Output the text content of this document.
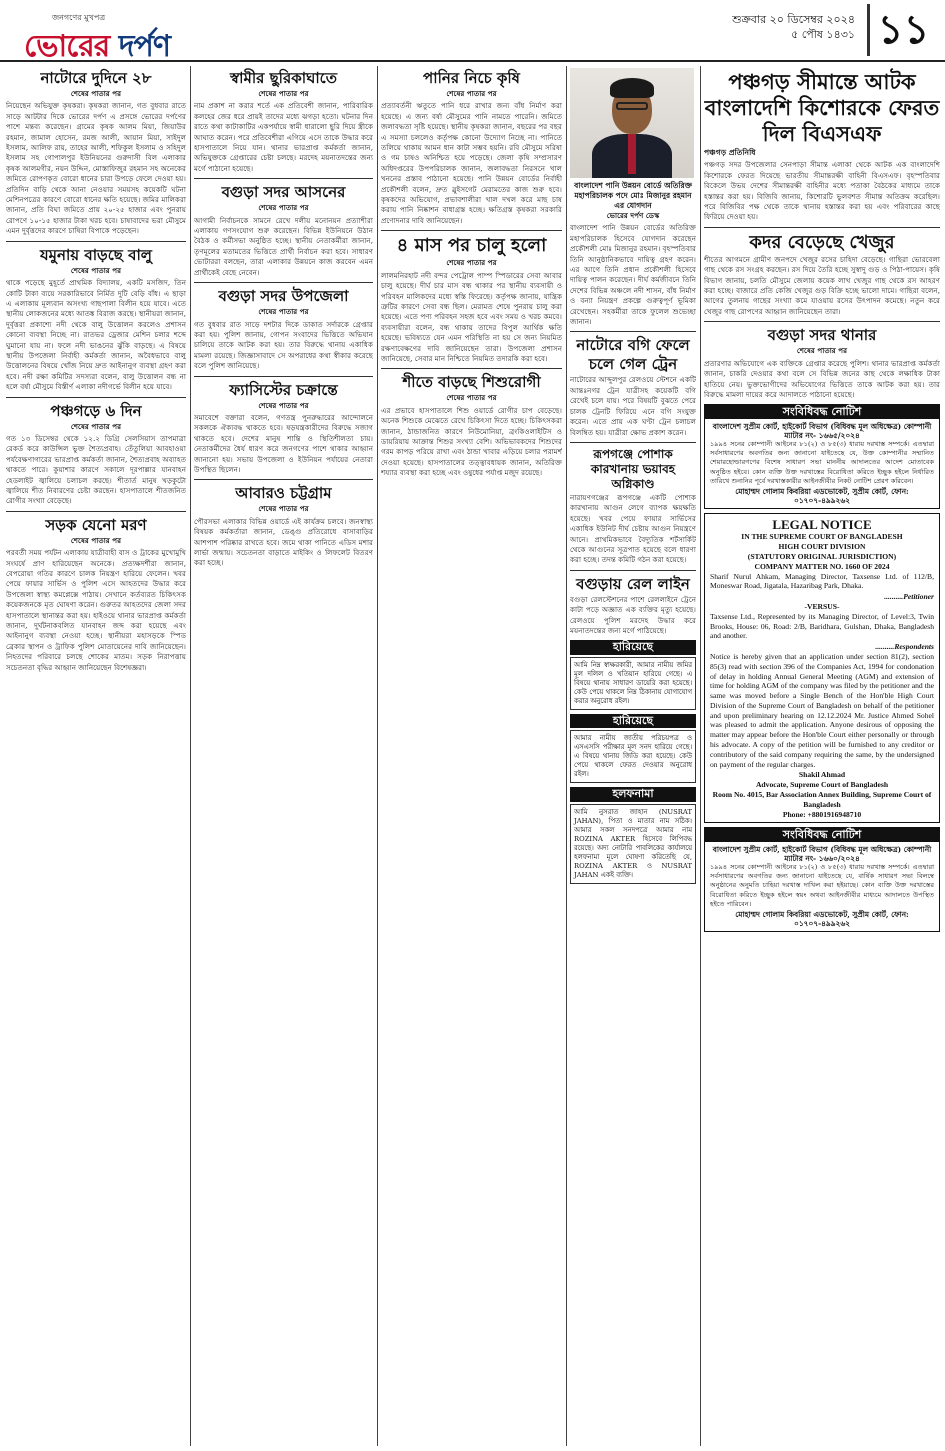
জনগণের মুখপত্র
ভোরের দর্পণ
শুক্রবার ২০ ডিসেম্বর ২০২৪
৫ পৌষ ১৪৩১ ১১
নাটোরে দুদিনে ২৮
শেষের পাতার পর

নিয়েছেন অভিযুক্ত কৃষকরা। কৃষকরা জানান, গত বুধবার রাতে সাড়ে আটটার দিকে ভোরের দর্পণ এ প্রসঙ্গে ভোরের দর্পণের পাশে মন্তব্য করেছেন। গ্রামের কৃষক আলম মিয়া, জিয়াউর রহমান, জামাল হোসেন, রমজ আলী, আয়ান মিয়া, সাইদুল ইসলাম, আলিফ রায়, তাহের আলী, শফিকুল ইসলাম ও সহিদুল ইসলাম সহ গোপালপুর ইউনিয়নের গুরুদাসী বিল এলাকার কৃষক আলমগীর, নয়ন উদ্দিন, মোস্তাফিজুর রহমান সহ অনেকের জমিতে রোপণকৃত বোরো ধানের চারা উপড়ে ফেলে দেওয়া হয়। প্রতিদিন বাড়ি থেকে আনা নেওয়ার সময়সহ কয়েকটি ঘটনা মেশিনপত্রের কারণে বোরো ধানের ক্ষতি হয়েছে। জমির মালিকরা জানান, প্রতি বিঘা জমিতে প্রায় ২০-২৫ হাজার এবং পুনরায় রোপণে ১০-১৫ হাজার টাকা খরচ হবে। চাষাবাদের ভরা মৌসুমে এমন দুর্বৃত্তদের কারণে চাষিরা বিপাকে পড়েছেন।

যমুনায় বাড়ছে বালু
শেষের পাতার পর

থাকে পড়েছে মুহূর্তে প্রাথমিক বিদ্যালয়, একটি মসজিদ, তিন কোটি টাকা ব্যয়ে সরকারিভাবে নির্মিত দুটি বেড়ি বাঁধ। এ ছাড়া এ এলাকায় মূল্যবান অসংখ্য গাছপালা বিলীন হয়ে যাবে। এতে স্থানীয় লোকজনের মধ্যে আতঙ্ক বিরাজ করছে। স্থানীয়রা জানান, দুর্বৃত্তরা প্রকাশ্যে নদী থেকে বালু উত্তোলন করলেও প্রশাসন কোনো ব্যবস্থা নিচ্ছে না। রাতভর ড্রেজার মেশিন চলার শব্দে ঘুমানো যায় না। ফলে নদী ভাঙনের ঝুঁকি বাড়ছে। এ বিষয়ে স্থানীয় উপজেলা নির্বাহী কর্মকর্তা জানান, অবৈধভাবে বালু উত্তোলনের বিষয়ে খোঁজ নিয়ে দ্রুত আইনানুগ ব্যবস্থা গ্রহণ করা হবে। নদী রক্ষা কমিটির সদস্যরা বলেন, বালু উত্তোলন বন্ধ না হলে বর্ষা মৌসুমে বিস্তীর্ণ এলাকা নদীগর্ভে বিলীন হয়ে যাবে।

পঞ্চগড়ে ৬ দিন
শেষের পাতার পর

গত ১৩ ডিসেম্বর থেকে ১২.২ ডিগ্রি সেলসিয়াস তাপমাত্রা রেকর্ড করে কাউন্সিল ভুক্ত শৈত্যপ্রবাহ। তেঁতুলিয়া আবহাওয়া পর্যবেক্ষণাগারের ভারপ্রাপ্ত কর্মকর্তা জানান, শৈত্যপ্রবাহ অব্যাহত থাকতে পারে। কুয়াশার কারণে সকালে দূরপাল্লার যানবাহন হেডলাইট জ্বালিয়ে চলাচল করছে। শীতার্ত মানুষ খড়কুটো জ্বালিয়ে শীত নিবারণের চেষ্টা করছেন। হাসপাতালে শীতজনিত রোগীর সংখ্যা বেড়েছে।

সড়ক যেনো মরণ
শেষের পাতার পর

পরবর্তী সময় পর্যটন এলাকায় যাত্রীবাহী বাস ও ট্রাকের মুখোমুখি সংঘর্ষে প্রাণ হারিয়েছেন অনেকে। প্রত্যক্ষদর্শীরা জানান, বেপরোয়া গতির কারণে চালক নিয়ন্ত্রণ হারিয়ে ফেলেন। খবর পেয়ে ফায়ার সার্ভিস ও পুলিশ এসে আহতদের উদ্ধার করে উপজেলা স্বাস্থ্য কমপ্লেক্সে পাঠায়। সেখানে কর্তব্যরত চিকিৎসক কয়েকজনকে মৃত ঘোষণা করেন। গুরুতর আহতদের জেলা সদর হাসপাতালে স্থানান্তর করা হয়। হাইওয়ে থানার ভারপ্রাপ্ত কর্মকর্তা জানান, দুর্ঘটনাকবলিত যানবাহন জব্দ করা হয়েছে এবং আইনানুগ ব্যবস্থা নেওয়া হচ্ছে। স্থানীয়রা মহাসড়কে স্পিড ব্রেকার স্থাপন ও ট্রাফিক পুলিশ মোতায়েনের দাবি জানিয়েছেন। নিহতদের পরিবারে চলছে শোকের মাতম। সড়ক নিরাপত্তায় সচেতনতা বৃদ্ধির আহ্বান জানিয়েছেন বিশেষজ্ঞরা।

স্বামীর ছুরিকাঘাতে
শেষের পাতার পর

নাম প্রকাশ না করার শর্তে এক প্রতিবেশী জানান, পারিবারিক কলহের জের ধরে প্রায়ই তাদের মধ্যে ঝগড়া হতো। ঘটনার দিন রাতে কথা কাটাকাটির একপর্যায়ে স্বামী ধারালো ছুরি দিয়ে স্ত্রীকে আঘাত করেন। পরে প্রতিবেশীরা এগিয়ে এসে তাকে উদ্ধার করে হাসপাতালে নিয়ে যান। থানার ভারপ্রাপ্ত কর্মকর্তা জানান, অভিযুক্তকে গ্রেপ্তারের চেষ্টা চলছে। মরদেহ ময়নাতদন্তের জন্য মর্গে পাঠানো হয়েছে।

বগুড়া সদর আসনের
শেষের পাতার পর

আগামী নির্বাচনকে সামনে রেখে দলীয় মনোনয়ন প্রত্যাশীরা এলাকায় গণসংযোগ শুরু করেছেন। বিভিন্ন ইউনিয়নে উঠান বৈঠক ও কর্মীসভা অনুষ্ঠিত হচ্ছে। স্থানীয় নেতাকর্মীরা জানান, তৃণমূলের মতামতের ভিত্তিতে প্রার্থী নির্বাচন করা হবে। সাধারণ ভোটাররা বলছেন, তারা এলাকার উন্নয়নে কাজ করবেন এমন প্রার্থীকেই বেছে নেবেন।

বগুড়া সদর উপজেলা
শেষের পাতার পর

গত বুধবার রাত সাড়ে দশটার দিকে ডাকাত সর্দারকে গ্রেপ্তার করা হয়। পুলিশ জানায়, গোপন সংবাদের ভিত্তিতে অভিযান চালিয়ে তাকে আটক করা হয়। তার বিরুদ্ধে থানায় একাধিক মামলা রয়েছে। জিজ্ঞাসাবাদে সে অপরাধের কথা স্বীকার করেছে বলে পুলিশ জানিয়েছে।

ফ্যাসিস্টের চক্রান্তে
শেষের পাতার পর

সমাবেশে বক্তারা বলেন, গণতন্ত্র পুনরুদ্ধারের আন্দোলনে সকলকে ঐক্যবদ্ধ থাকতে হবে। ষড়যন্ত্রকারীদের বিরুদ্ধে সজাগ থাকতে হবে। দেশের মানুষ শান্তি ও স্থিতিশীলতা চায়। নেতাকর্মীদের ধৈর্য ধারণ করে জনগণের পাশে থাকার আহ্বান জানানো হয়। সভায় উপজেলা ও ইউনিয়ন পর্যায়ের নেতারা উপস্থিত ছিলেন।

আবারও চট্টগ্রাম
শেষের পাতার পর

পৌরসভা এলাকার বিভিন্ন ওয়ার্ডে এই কার্যক্রম চলবে। জনস্বাস্থ্য বিষয়ক কর্মকর্তারা জানান, ডেঙ্গু প্রতিরোধে বাসাবাড়ির আশপাশ পরিষ্কার রাখতে হবে। জমে থাকা পানিতে এডিস মশার লার্ভা জন্মায়। সচেতনতা বাড়াতে মাইকিং ও লিফলেট বিতরণ করা হচ্ছে।

পানির নিচে কৃষি
শেষের পাতার পর

প্রত্যাবর্তনী ঋতুতে পানি ধরে রাখার জন্য বাঁধ নির্মাণ করা হয়েছে। এ জন্য বর্ষা মৌসুমের পানি নামতে পারেনি। জমিতে জলাবদ্ধতা সৃষ্টি হয়েছে। স্থানীয় কৃষকরা জানান, বছরের পর বছর এ সমস্যা চললেও কর্তৃপক্ষ কোনো উদ্যোগ নিচ্ছে না। পানিতে তলিয়ে থাকায় আমন ধান কাটা সম্ভব হয়নি। রবি মৌসুমে সরিষা ও গম চাষও অনিশ্চিত হয়ে পড়েছে। জেলা কৃষি সম্প্রসারণ অধিদপ্তরের উপপরিচালক জানান, জলাবদ্ধতা নিরসনে খাল খননের প্রস্তাব পাঠানো হয়েছে। পানি উন্নয়ন বোর্ডের নির্বাহী প্রকৌশলী বলেন, দ্রুত স্লুইসগেট মেরামতের কাজ শুরু হবে। কৃষকদের অভিযোগ, প্রভাবশালীরা খাল দখল করে মাছ চাষ করায় পানি নিষ্কাশন বাধাগ্রস্ত হচ্ছে। ক্ষতিগ্রস্ত কৃষকরা সরকারি প্রণোদনার দাবি জানিয়েছেন।

৪ মাস পর চালু হলো
শেষের পাতার পর

লালমনিরহাট নদী বন্দর পেট্রোল পাম্প স্পিডারের সেবা আবার চালু হয়েছে। দীর্ঘ চার মাস বন্ধ থাকার পর স্থানীয় ব্যবসায়ী ও পরিবহন মালিকদের মধ্যে স্বস্তি ফিরেছে। কর্তৃপক্ষ জানায়, যান্ত্রিক ত্রুটির কারণে সেবা বন্ধ ছিল। মেরামত শেষে পুনরায় চালু করা হয়েছে। এতে পণ্য পরিবহন সহজ হবে এবং সময় ও খরচ কমবে। ব্যবসায়ীরা বলেন, বন্ধ থাকায় তাদের বিপুল আর্থিক ক্ষতি হয়েছে। ভবিষ্যতে যেন এমন পরিস্থিতি না হয় সে জন্য নিয়মিত রক্ষণাবেক্ষণের দাবি জানিয়েছেন তারা। উপজেলা প্রশাসন জানিয়েছে, সেবার মান নিশ্চিতে নিয়মিত তদারকি করা হবে।

শীতে বাড়ছে শিশুরোগী
শেষের পাতার পর

এর প্রভাবে হাসপাতালে শিশু ওয়ার্ডে রোগীর চাপ বেড়েছে। অনেক শিশুকে মেঝেতে রেখে চিকিৎসা দিতে হচ্ছে। চিকিৎসকরা জানান, ঠান্ডাজনিত কারণে নিউমোনিয়া, ব্রংকিওলাইটিস ও ডায়রিয়ায় আক্রান্ত শিশুর সংখ্যা বেশি। অভিভাবকদের শিশুদের গরম কাপড় পরিয়ে রাখা এবং ঠান্ডা খাবার এড়িয়ে চলার পরামর্শ দেওয়া হয়েছে। হাসপাতালের তত্ত্বাবধায়ক জানান, অতিরিক্ত শয্যার ব্যবস্থা করা হচ্ছে এবং ওষুধের পর্যাপ্ত মজুদ রয়েছে।

বাংলাদেশ পানি উন্নয়ন বোর্ডে অতিরিক্ত মহাপরিচালক পদে মোঃ মিজানুর রহমান এর যোগদান
ভোরের দর্পণ ডেস্ক

বাংলাদেশ পানি উন্নয়ন বোর্ডের অতিরিক্ত মহাপরিচালক হিসেবে যোগদান করেছেন প্রকৌশলী মোঃ মিজানুর রহমান। বৃহস্পতিবার তিনি আনুষ্ঠানিকভাবে দায়িত্ব গ্রহণ করেন। এর আগে তিনি প্রধান প্রকৌশলী হিসেবে দায়িত্ব পালন করেছেন। দীর্ঘ কর্মজীবনে তিনি দেশের বিভিন্ন অঞ্চলে নদী শাসন, বাঁধ নির্মাণ ও বন্যা নিয়ন্ত্রণ প্রকল্পে গুরুত্বপূর্ণ ভূমিকা রেখেছেন। সহকর্মীরা তাকে ফুলেল শুভেচ্ছা জানান।

নাটোরে বগি ফেলে চলে গেল ট্রেন

নাটোরের আব্দুলপুর রেলওয়ে স্টেশনে একটি আন্তঃনগর ট্রেন যাত্রীসহ কয়েকটি বগি রেখেই চলে যায়। পরে বিষয়টি বুঝতে পেরে চালক ট্রেনটি ফিরিয়ে এনে বগি সংযুক্ত করেন। এতে প্রায় এক ঘণ্টা ট্রেন চলাচল বিলম্বিত হয়। যাত্রীরা ক্ষোভ প্রকাশ করেন।

রূপগঞ্জে পোশাক কারখানায় ভয়াবহ অগ্নিকাণ্ড

নারায়ণগঞ্জের রূপগঞ্জে একটি পোশাক কারখানায় আগুন লেগে ব্যাপক ক্ষয়ক্ষতি হয়েছে। খবর পেয়ে ফায়ার সার্ভিসের একাধিক ইউনিট দীর্ঘ চেষ্টায় আগুন নিয়ন্ত্রণে আনে। প্রাথমিকভাবে বৈদ্যুতিক শর্টসার্কিট থেকে আগুনের সূত্রপাত হয়েছে বলে ধারণা করা হচ্ছে। তদন্ত কমিটি গঠন করা হয়েছে।

বগুড়ায় রেল লাইন

বগুড়া রেলস্টেশনের পাশে রেললাইনে ট্রেনে কাটা পড়ে অজ্ঞাত এক ব্যক্তির মৃত্যু হয়েছে। রেলওয়ে পুলিশ মরদেহ উদ্ধার করে ময়নাতদন্তের জন্য মর্গে পাঠিয়েছে।

হারিয়েছে
আমি নিম্ন স্বাক্ষরকারী, আমার নামীয় জমির মূল দলিল ও খতিয়ান হারিয়ে গেছে। এ বিষয়ে থানায় সাধারণ ডায়েরি করা হয়েছে। কেউ পেয়ে থাকলে নিম্ন ঠিকানায় যোগাযোগ করার অনুরোধ রইল।
হারিয়েছে
আমার নামীয় জাতীয় পরিচয়পত্র ও এসএসসি পরীক্ষার মূল সনদ হারিয়ে গেছে। এ বিষয়ে থানায় জিডি করা হয়েছে। কেউ পেয়ে থাকলে ফেরত দেওয়ার অনুরোধ রইল।
হলফনামা
আমি নুসরাত জাহান (NUSRAT JAHAN), পিতা ও মাতার নাম সঠিক। আমার সকল সনদপত্রে আমার নাম ROZINA AKTER হিসেবে লিপিবদ্ধ রয়েছে। অদ্য নোটারি পাবলিকের কার্যালয়ে হলফনামা মূলে ঘোষণা করিতেছি যে, ROZINA AKTER ও NUSRAT JAHAN একই ব্যক্তি।
পঞ্চগড় সীমান্তে আটক বাংলাদেশি কিশোরকে ফেরত দিল বিএসএফ
পঞ্চগড় প্রতিনিধি

পঞ্চগড় সদর উপজেলার সেনপাড়া সীমান্ত এলাকা থেকে আটক এক বাংলাদেশি কিশোরকে ফেরত দিয়েছে ভারতীয় সীমান্তরক্ষী বাহিনী বিএসএফ। বৃহস্পতিবার বিকেলে উভয় দেশের সীমান্তরক্ষী বাহিনীর মধ্যে পতাকা বৈঠকের মাধ্যমে তাকে হস্তান্তর করা হয়। বিজিবি জানায়, কিশোরটি ভুলবশত সীমান্ত অতিক্রম করেছিল। পরে বিজিবির পক্ষ থেকে তাকে থানায় হস্তান্তর করা হয় এবং পরিবারের কাছে ফিরিয়ে দেওয়া হয়।

কদর বেড়েছে খেজুর

শীতের আগমনে গ্রামীণ জনপদে খেজুর রসের চাহিদা বেড়েছে। গাছিরা ভোরবেলা গাছ থেকে রস সংগ্রহ করছেন। রস দিয়ে তৈরি হচ্ছে সুস্বাদু গুড় ও পিঠা-পায়েস। কৃষি বিভাগ জানায়, চলতি মৌসুমে জেলায় কয়েক লাখ খেজুর গাছ থেকে রস আহরণ করা হচ্ছে। বাজারে প্রতি কেজি খেজুর গুড় বিক্রি হচ্ছে ভালো দামে। গাছিরা বলেন, আগের তুলনায় গাছের সংখ্যা কমে যাওয়ায় রসের উৎপাদন কমেছে। নতুন করে খেজুর গাছ রোপণের আহ্বান জানিয়েছেন তারা।

বগুড়া সদর থানার
শেষের পাতার পর

প্রতারণার অভিযোগে এক ব্যক্তিকে গ্রেপ্তার করেছে পুলিশ। থানার ভারপ্রাপ্ত কর্মকর্তা জানান, চাকরি দেওয়ার কথা বলে সে বিভিন্ন জনের কাছ থেকে লক্ষাধিক টাকা হাতিয়ে নেয়। ভুক্তভোগীদের অভিযোগের ভিত্তিতে তাকে আটক করা হয়। তার বিরুদ্ধে মামলা দায়ের করে আদালতে পাঠানো হয়েছে।

সংবিধিবদ্ধ নোটিশ
বাংলাদেশ সুপ্রীম কোর্ট, হাইকোর্ট বিভাগ (বিধিবদ্ধ মূল অধিক্ষেত্র) কোম্পানী ম্যাটার নং- ১৬৬৫/২০২৪

১৯৯৪ সনের কোম্পানী আইনের ৮১(২) ও ৮৫(৩) ধারায় দরখাস্ত সম্পর্কে। এতদ্বারা সর্বসাধারণের অবগতির জন্য জানানো যাইতেছে যে, উক্ত কোম্পানীর সম্মানিত শেয়ারহোল্ডারগণের বিশেষ সাধারণ সভা মাননীয় আদালতের আদেশ মোতাবেক অনুষ্ঠিত হইবে। কোন ব্যক্তি উক্ত দরখাস্তের বিরোধিতা করিতে ইচ্ছুক হইলে নির্ধারিত তারিখে শুনানির পূর্বে দরখাস্তকারীর আইনজীবীর নিকট নোটিশ প্রেরণ করিবেন।

মোহাম্মদ গোলাম কিবরিয়া এডভোকেট, সুপ্রীম কোর্ট, ফোন: ০১৭০৭-৪৯৯২৬২
LEGAL NOTICE
IN THE SUPREME COURT OF BANGLADESH
HIGH COURT DIVISION
(STATUTORY ORIGINAL JURISDICTION)
COMPANY MATTER NO. 1660 OF 2024

Sharif Nurul Ahkam, Managing Director, Taxsense Ltd. of 112/B, Moneswar Road, Jigatala, Hazaribag Park, Dhaka.

..........Petitioner
-VERSUS-

Taxsense Ltd., Represented by its Managing Director, of Level:3, Twin Brooks, House: 06, Road: 2/B, Baridhara, Gulshan, Dhaka, Bangladesh and another.

..........Respondents

Notice is hereby given that an application under section 81(2), section 85(3) read with section 396 of the Companies Act, 1994 for condonation of delay in holding Annual General Meeting (AGM) and extension of time for holding AGM of the company was filed by the petitioner and the same was moved before a Single Bench of the Hon'ble High Court Division of the Supreme Court of Bangladesh on behalf of the petitioner and upon preliminary hearing on 12.12.2024 Mr. Justice Ahmed Sohel was pleased to admit the application. Anyone desirous of opposing the matter may appear before the Hon'ble Court either personally or through his advocate. A copy of the petition will be furnished to any creditor or contributory of the said company requiring the same, by the undersigned on payment of the regular charges.

Shakil Ahmad
Advocate, Supreme Court of Bangladesh
Room No. 4015, Bar Association Annex Building, Supreme Court of Bangladesh
Phone: +8801916948710
সংবিধিবদ্ধ নোটিশ
বাংলাদেশ সুপ্রীম কোর্ট, হাইকোর্ট বিভাগ (বিধিবদ্ধ মূল অধিক্ষেত্র) কোম্পানী ম্যাটার নং- ১৬৬০/২০২৪

১৯৯৪ সনের কোম্পানী আইনের ৮১(২) ও ৮৫(৩) ধারায় দরখাস্ত সম্পর্কে। এতদ্বারা সর্বসাধারণের অবগতির জন্য জানানো যাইতেছে যে, বার্ষিক সাধারণ সভা বিলম্বে অনুষ্ঠানের অনুমতি চাহিয়া দরখাস্ত দাখিল করা হইয়াছে। কোন ব্যক্তি উক্ত দরখাস্তের বিরোধিতা করিতে ইচ্ছুক হইলে স্বয়ং অথবা আইনজীবীর মাধ্যমে আদালতে উপস্থিত হইতে পারিবেন।

মোহাম্মদ গোলাম কিবরিয়া এডভোকেট, সুপ্রীম কোর্ট, ফোন: ০১৭০৭-৪৯৯২৬২
